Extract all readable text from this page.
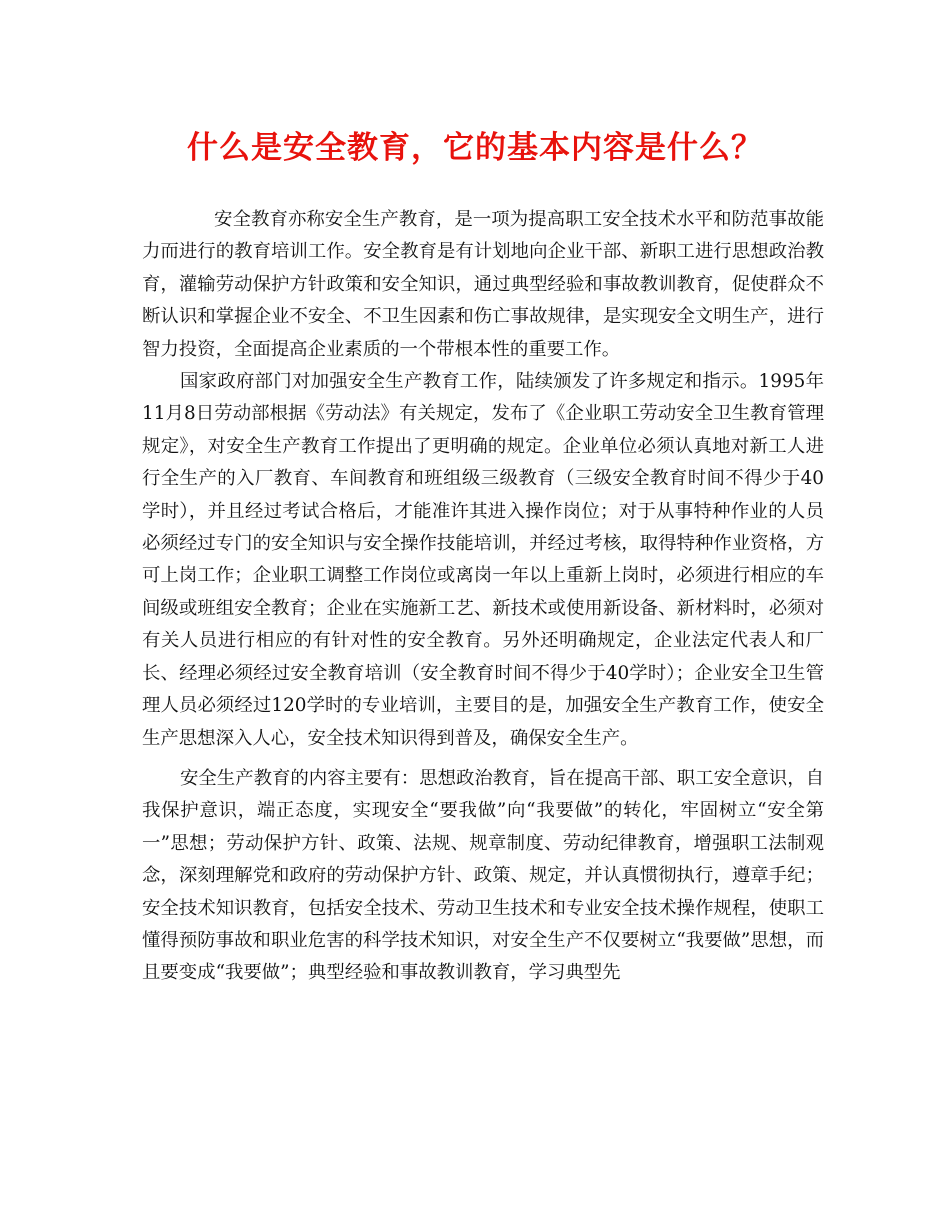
什么是安全教育，它的基本内容是什么？

安全教育亦称安全生产教育，是一项为提高职工安全技术水平和防范事故能力而进行的教育培训工作。安全教育是有计划地向企业干部、新职工进行思想政治教育，灌输劳动保护方针政策和安全知识，通过典型经验和事故教训教育，促使群众不断认识和掌握企业不安全、不卫生因素和伤亡事故规律，是实现安全文明生产，进行智力投资，全面提高企业素质的一个带根本性的重要工作。

国家政府部门对加强安全生产教育工作，陆续颁发了许多规定和指示。1995年11月8日劳动部根据《劳动法》有关规定，发布了《企业职工劳动安全卫生教育管理规定》，对安全生产教育工作提出了更明确的规定。企业单位必须认真地对新工人进行全生产的入厂教育、车间教育和班组级三级教育（三级安全教育时间不得少于40学时），并且经过考试合格后，才能准许其进入操作岗位；对于从事特种作业的人员必须经过专门的安全知识与安全操作技能培训，并经过考核，取得特种作业资格，方可上岗工作；企业职工调整工作岗位或离岗一年以上重新上岗时，必须进行相应的车间级或班组安全教育；企业在实施新工艺、新技术或使用新设备、新材料时，必须对有关人员进行相应的有针对性的安全教育。另外还明确规定，企业法定代表人和厂长、经理必须经过安全教育培训（安全教育时间不得少于40学时）；企业安全卫生管理人员必须经过120学时的专业培训，主要目的是，加强安全生产教育工作，使安全生产思想深入人心，安全技术知识得到普及，确保安全生产。

安全生产教育的内容主要有：思想政治教育，旨在提高干部、职工安全意识，自我保护意识，端正态度，实现安全“要我做”向“我要做”的转化，牢固树立“安全第一”思想；劳动保护方针、政策、法规、规章制度、劳动纪律教育，增强职工法制观念，深刻理解党和政府的劳动保护方针、政策、规定，并认真惯彻执行，遵章手纪；安全技术知识教育，包括安全技术、劳动卫生技术和专业安全技术操作规程，使职工懂得预防事故和职业危害的科学技术知识，对安全生产不仅要树立“我要做”思想，而且要变成“我要做”；典型经验和事故教训教育，学习典型先
